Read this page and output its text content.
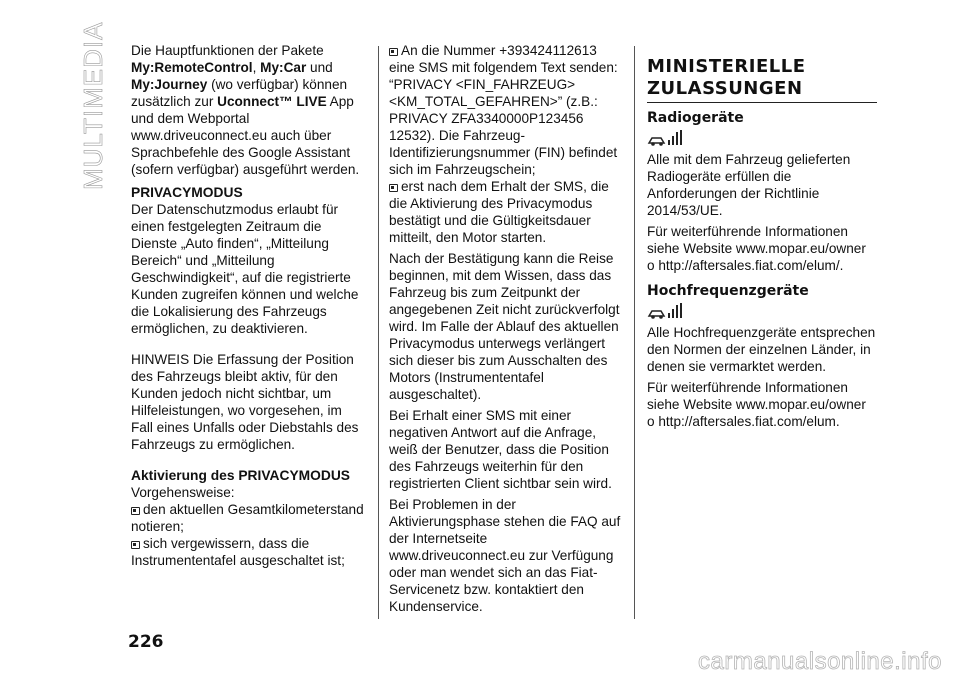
MULTIMEDIA Die Hauptfunktionen der Pakete My:RemoteControl, My:Car und My:Journey (wo verfügbar) können zusätzlich zur Uconnect™ LIVE App und dem Webportal www.driveuconnect.eu auch über Sprachbefehle des Google Assistant (sofern verfügbar) ausgeführt werden.

PRIVACYMODUS

Der Datenschutzmodus erlaubt für einen festgelegten Zeitraum die Dienste „Auto finden“, „Mitteilung Bereich“ und „Mitteilung Geschwindigkeit“, auf die registrierte Kunden zugreifen können und welche die Lokalisierung des Fahrzeugs ermöglichen, zu deaktivieren.

HINWEIS Die Erfassung der Position des Fahrzeugs bleibt aktiv, für den Kunden jedoch nicht sichtbar, um Hilfeleistungen, wo vorgesehen, im Fall eines Unfalls oder Diebstahls des Fahrzeugs zu ermöglichen.

Aktivierung des PRIVACYMODUS

Vorgehensweise:

den aktuellen Gesamtkilometerstand notieren;

sich vergewissern, dass die Instrumententafel ausgeschaltet ist;

An die Nummer +393424112613 eine SMS mit folgendem Text senden: “PRIVACY <FIN_FAHRZEUG> <KM_TOTAL_GEFAHREN>” (z.B.: PRIVACY ZFA3340000P123456 12532). Die Fahrzeug-Identifizierungsnummer (FIN) befindet sich im Fahrzeugschein;

erst nach dem Erhalt der SMS, die die Aktivierung des Privacymodus bestätigt und die Gültigkeitsdauer mitteilt, den Motor starten.

Nach der Bestätigung kann die Reise beginnen, mit dem Wissen, dass das Fahrzeug bis zum Zeitpunkt der angegebenen Zeit nicht zurückverfolgt wird. Im Falle der Ablauf des aktuellen Privacymodus unterwegs verlängert sich dieser bis zum Ausschalten des Motors (Instrumententafel ausgeschaltet).

Bei Erhalt einer SMS mit einer negativen Antwort auf die Anfrage, weiß der Benutzer, dass die Position des Fahrzeugs weiterhin für den registrierten Client sichtbar sein wird.

Bei Problemen in der Aktivierungsphase stehen die FAQ auf der Internetseite www.driveuconnect.eu zur Verfügung oder man wendet sich an das Fiat-Servicenetz bzw. kontaktiert den Kundenservice.

MINISTERIELLE ZULASSUNGEN
Radiogeräte

Alle mit dem Fahrzeug gelieferten Radiogeräte erfüllen die Anforderungen der Richtlinie 2014/53/UE.

Für weiterführende Informationen siehe Website www.mopar.eu/owner o http://aftersales.fiat.com/elum/.

Hochfrequenzgeräte

Alle Hochfrequenzgeräte entsprechen den Normen der einzelnen Länder, in denen sie vermarktet werden.

Für weiterführende Informationen siehe Website www.mopar.eu/owner o http://aftersales.fiat.com/elum.

226
carmanualsonline.info
